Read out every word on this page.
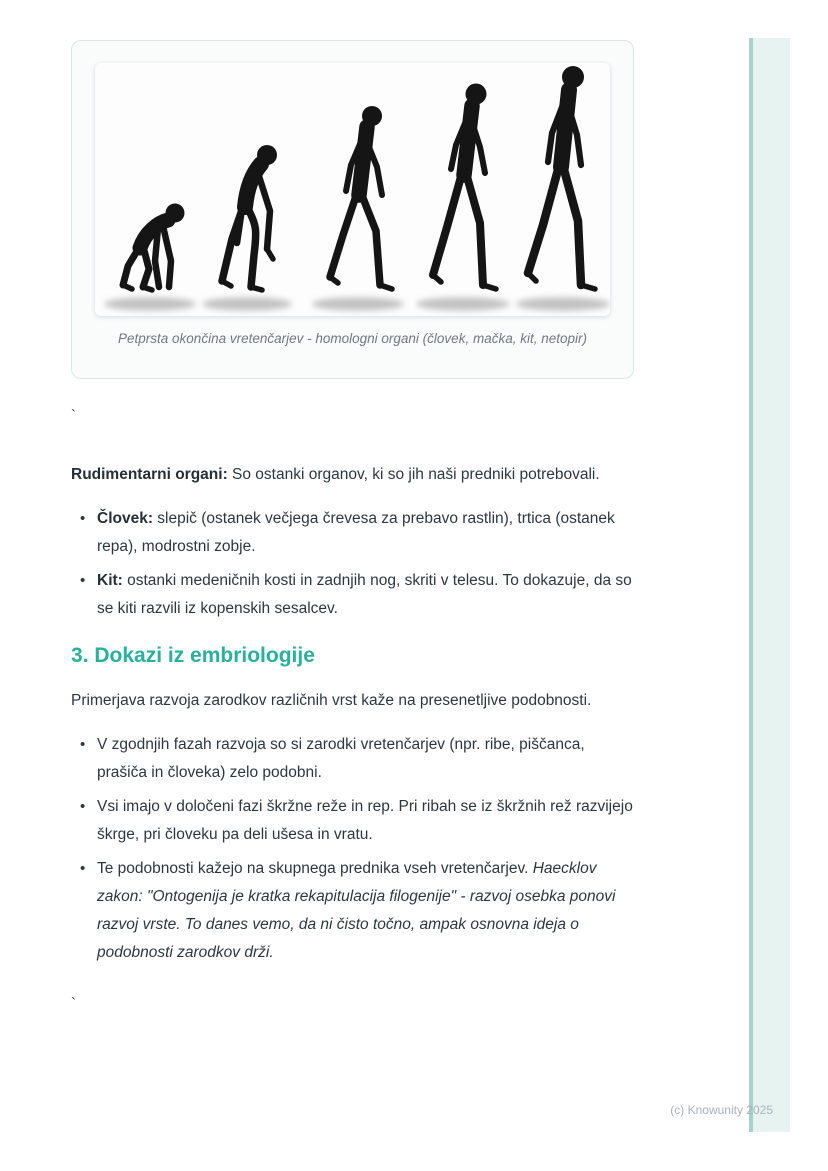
Petprsta okončina vretenčarjev - homologni organi (človek, mačka, kit, netopir)
`

Rudimentarni organi: So ostanki organov, ki so jih naši predniki potrebovali.

• Človek: slepič (ostanek večjega črevesa za prebavo rastlin), trtica (ostanek repa), modrostni zobje.
• Kit: ostanki medeničnih kosti in zadnjih nog, skriti v telesu. To dokazuje, da so se kiti razvili iz kopenskih sesalcev.
3. Dokazi iz embriologije

Primerjava razvoja zarodkov različnih vrst kaže na presenetljive podobnosti.

• V zgodnjih fazah razvoja so si zarodki vretenčarjev (npr. ribe, piščanca, prašiča in človeka) zelo podobni.
• Vsi imajo v določeni fazi škržne reže in rep. Pri ribah se iz škržnih rež razvijejo škrge, pri človeku pa deli ušesa in vratu.
• Te podobnosti kažejo na skupnega prednika vseh vretenčarjev. Haecklov zakon: "Ontogenija je kratka rekapitulacija filogenije" - razvoj osebka ponovi razvoj vrste. To danes vemo, da ni čisto točno, ampak osnovna ideja o podobnosti zarodkov drži.
`
(c) Knowunity 2025
